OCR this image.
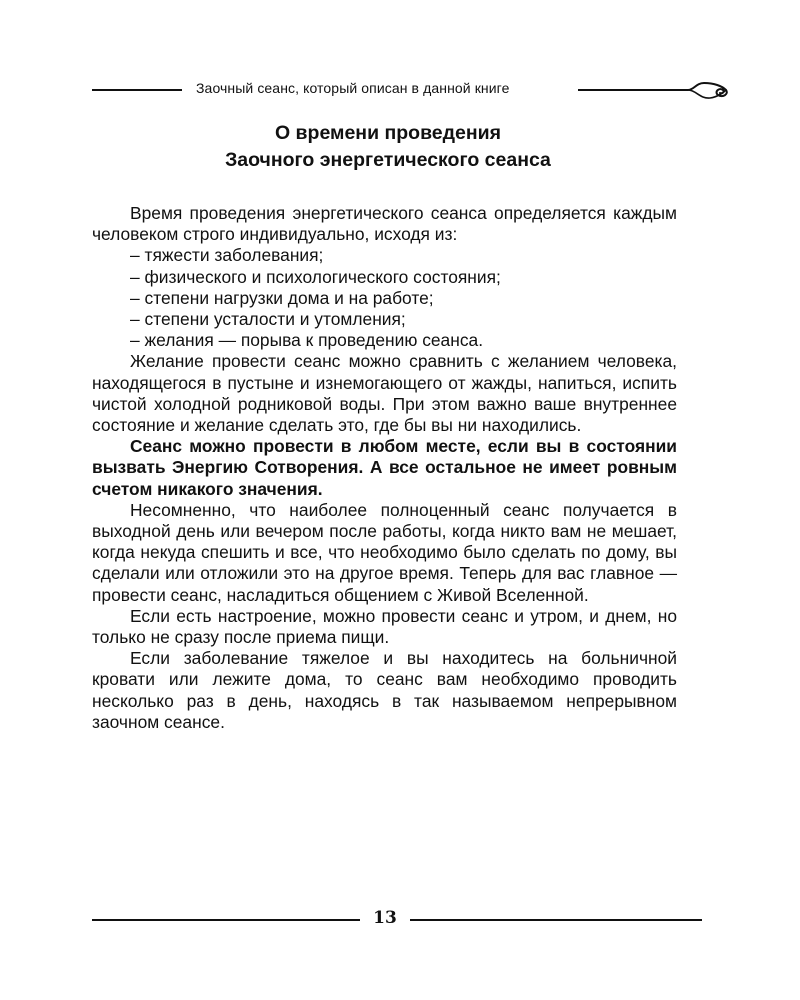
Заочный сеанс, который описан в данной книге
О времени проведения
Заочного энергетического сеанса

Время проведения энергетического сеанса определяется каждым человеком строго индивидуально, исходя из:

– тяжести заболевания;
– физического и психологического состояния;
– степени нагрузки дома и на работе;
– степени усталости и утомления;
– желания — порыва к проведению сеанса.

Желание провести сеанс можно сравнить с желанием человека, находящегося в пустыне и изнемогающего от жажды, напиться, испить чистой холодной родниковой воды. При этом важно ваше внутреннее состояние и желание сделать это, где бы вы ни находились.

Сеанс можно провести в любом месте, если вы в состоянии вызвать Энергию Сотворения. А все остальное не имеет ровным счетом никакого значения.

Несомненно, что наиболее полноценный сеанс получается в выходной день или вечером после работы, когда никто вам не мешает, когда некуда спешить и все, что необходимо было сделать по дому, вы сделали или отложили это на другое время. Теперь для вас главное — провести сеанс, насладиться общением с Живой Вселенной.

Если есть настроение, можно провести сеанс и утром, и днем, но только не сразу после приема пищи.

Если заболевание тяжелое и вы находитесь на больничной кровати или лежите дома, то сеанс вам необходимо проводить несколько раз в день, находясь в так называемом непрерывном заочном сеансе.

13
